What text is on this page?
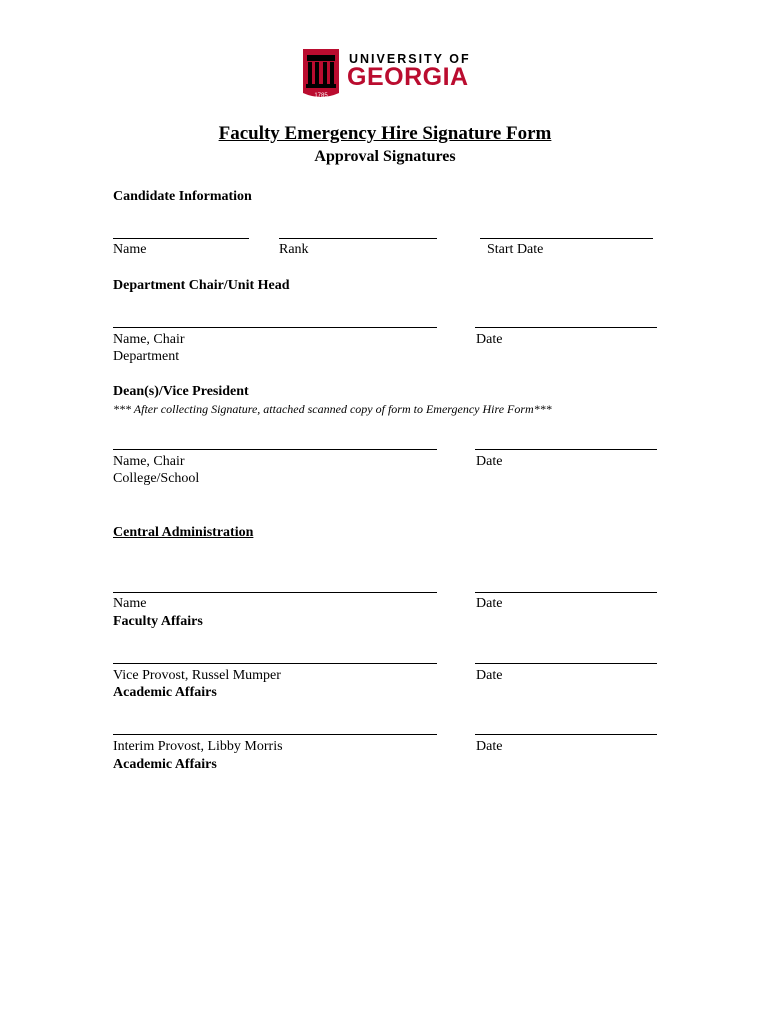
1785
UNIVERSITY OF
GEORGIA
Faculty Emergency Hire Signature Form
Approval Signatures
Candidate Information
Name	Rank	Start Date
Department Chair/Unit Head
Name, Chair
Department
Date
Dean(s)/Vice President
*** After collecting Signature, attached scanned copy of form to Emergency Hire Form***
Name, Chair
College/School
Date
Central Administration
Name
Faculty Affairs
Date
Vice Provost, Russel Mumper
Academic Affairs
Date
Interim Provost, Libby Morris
Academic Affairs
Date
